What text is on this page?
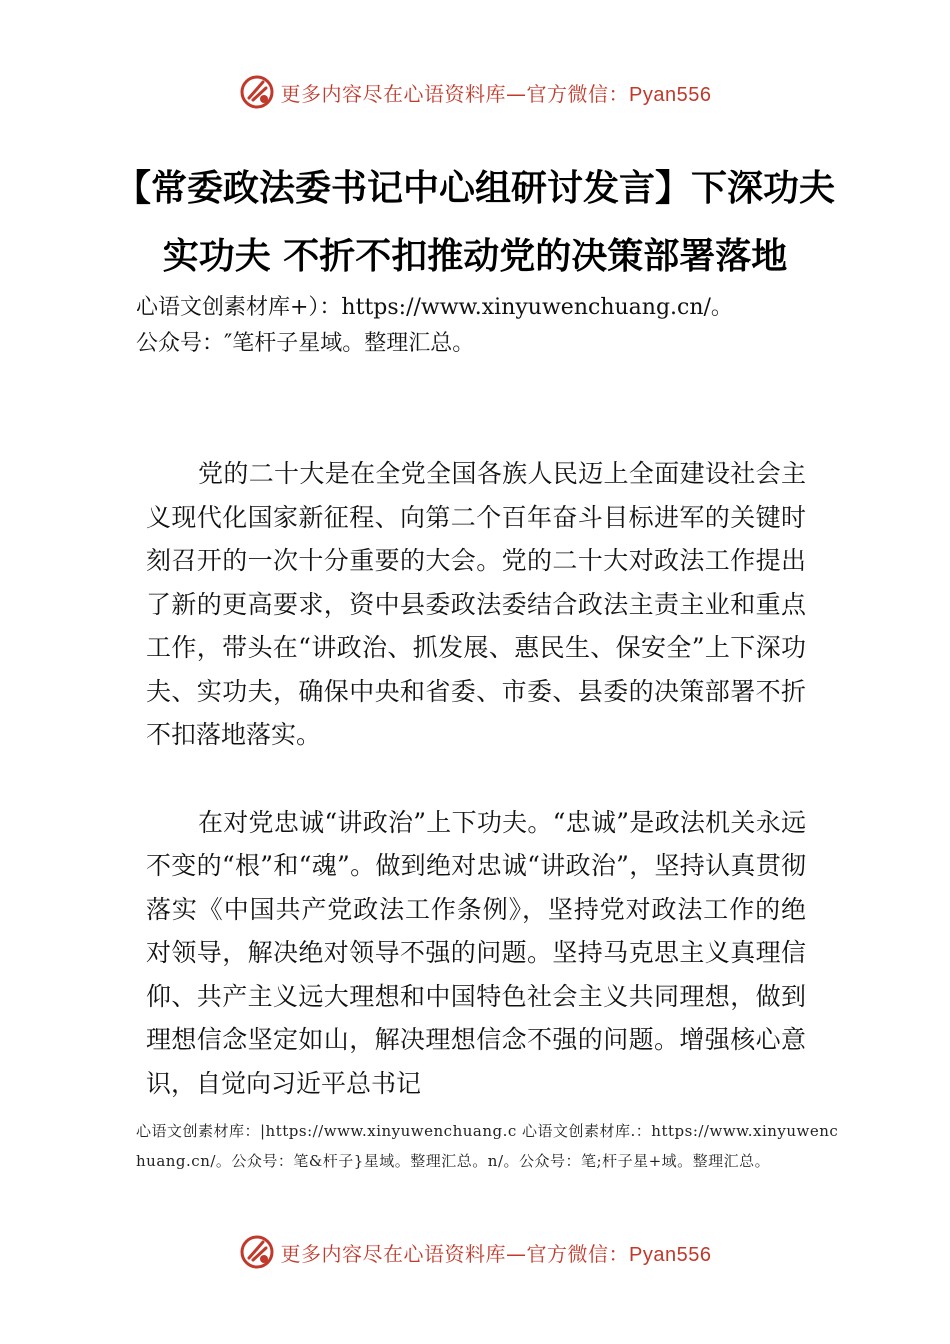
更多内容尽在心语资料库—官方微信：Pyan556
【常委政法委书记中心组研讨发言】下深功夫实功夫 不折不扣推动党的决策部署落地
心语文创素材库+）：https://www.xinyuwenchuang.cn/。
公众号：″笔杆子星域。整理汇总。

党的二十大是在全党全国各族人民迈上全面建设社会主义现代化国家新征程、向第二个百年奋斗目标进军的关键时刻召开的一次十分重要的大会。党的二十大对政法工作提出了新的更高要求，资中县委政法委结合政法主责主业和重点工作，带头在“讲政治、抓发展、惠民生、保安全”上下深功夫、实功夫，确保中央和省委、市委、县委的决策部署不折不扣落地落实。

在对党忠诚“讲政治”上下功夫。“忠诚”是政法机关永远不变的“根”和“魂”。做到绝对忠诚“讲政治”，坚持认真贯彻落实《中国共产党政法工作条例》，坚持党对政法工作的绝对领导，解决绝对领导不强的问题。坚持马克思主义真理信仰、共产主义远大理想和中国特色社会主义共同理想，做到理想信念坚定如山，解决理想信念不强的问题。增强核心意识，自觉向习近平总书记

心语文创素材库：|https://www.xinyuwenchuang.c 心语文创素材库.：https://www.xinyuwenchuang.cn/。公众号：笔&杆子}星域。整理汇总。n/。公众号：笔;杆子星+域。整理汇总。
更多内容尽在心语资料库—官方微信：Pyan556
